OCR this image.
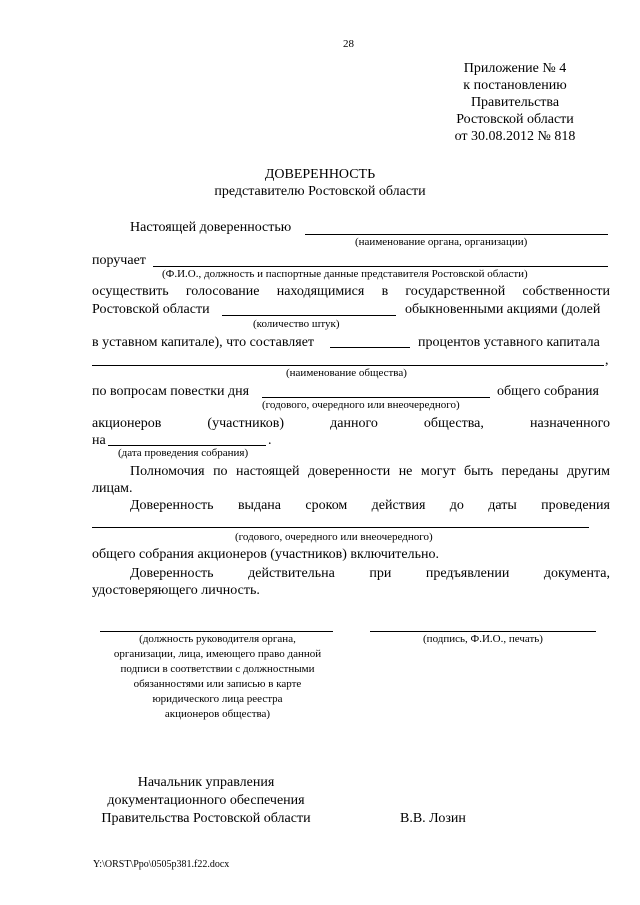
28
Приложение № 4
к постановлению
Правительства
Ростовской области
от 30.08.2012 № 818
ДОВЕРЕННОСТЬ
представителю Ростовской области
Настоящей доверенностью
(наименование органа, организации)
поручает
(Ф.И.О., должность и паспортные данные представителя Ростовской области)
осуществить голосование находящимися в государственной собственности
Ростовской области	обыкновенными акциями (долей
(количество штук)
в уставном капитале), что составляет	процентов уставного капитала
,
(наименование общества)
по вопросам повестки дня	общего собрания
(годового, очередного или внеочередного)
акционеров (участников) данного общества, назначенного
на	.
(дата проведения собрания)
Полномочия по настоящей доверенности не могут быть переданы другим
лицам.
Доверенность выдана сроком действия до даты проведения
(годового, очередного или внеочередного)
общего собрания акционеров (участников) включительно.
Доверенность действительна при предъявлении документа,
удостоверяющего личность.
(должность руководителя органа,
организации, лица, имеющего право данной
подписи в соответствии с должностными
обязанностями или записью в карте
юридического лица реестра
акционеров общества)
(подпись, Ф.И.О., печать)
Начальник управления
документационного обеспечения
Правительства Ростовской области	В.В. Лозин
Y:\ORST\Ppo\0505p381.f22.docx
